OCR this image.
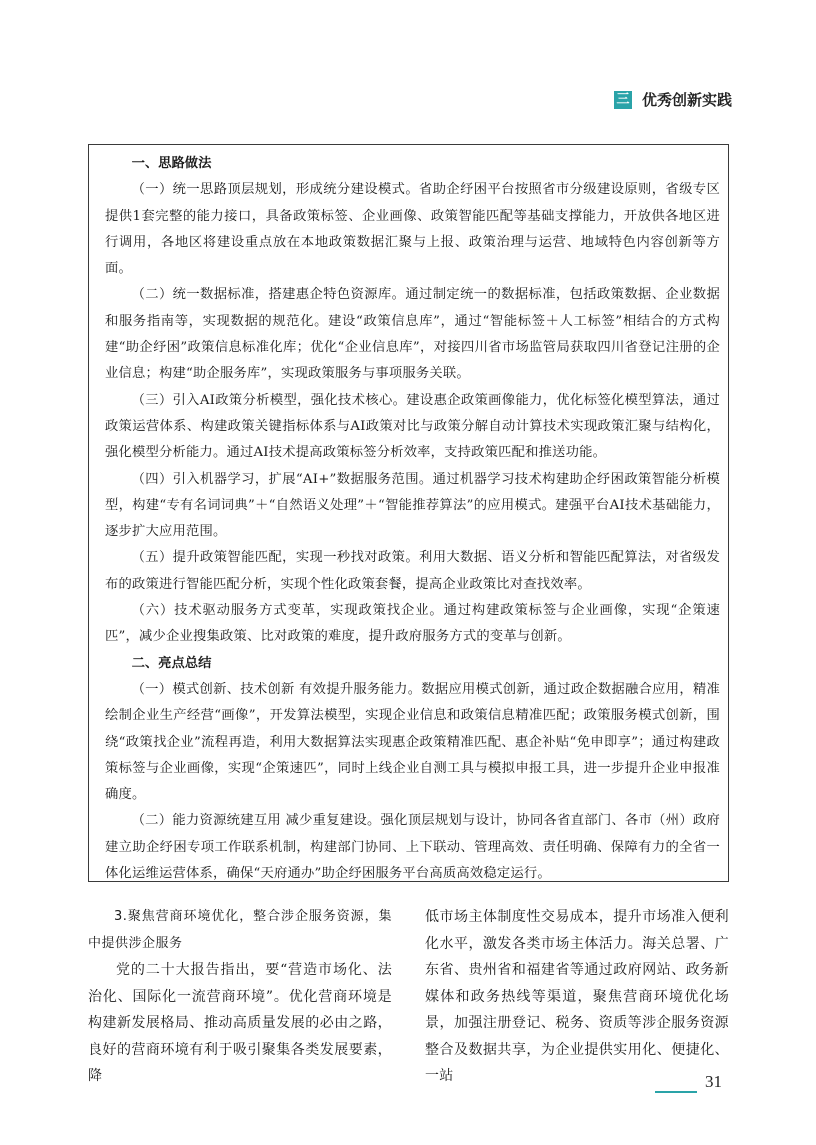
三 优秀创新实践
一、思路做法

（一）统一思路顶层规划，形成统分建设模式。省助企纾困平台按照省市分级建设原则，省级专区提供1套完整的能力接口，具备政策标签、企业画像、政策智能匹配等基础支撑能力，开放供各地区进行调用，各地区将建设重点放在本地政策数据汇聚与上报、政策治理与运营、地域特色内容创新等方面。

（二）统一数据标准，搭建惠企特色资源库。通过制定统一的数据标准，包括政策数据、企业数据和服务指南等，实现数据的规范化。建设“政策信息库”，通过“智能标签＋人工标签”相结合的方式构建“助企纾困”政策信息标准化库；优化“企业信息库”，对接四川省市场监管局获取四川省登记注册的企业信息；构建“助企服务库”，实现政策服务与事项服务关联。

（三）引入AI政策分析模型，强化技术核心。建设惠企政策画像能力，优化标签化模型算法，通过政策运营体系、构建政策关键指标体系与AI政策对比与政策分解自动计算技术实现政策汇聚与结构化，强化模型分析能力。通过AI技术提高政策标签分析效率，支持政策匹配和推送功能。

（四）引入机器学习，扩展“AI+”数据服务范围。通过机器学习技术构建助企纾困政策智能分析模型，构建“专有名词词典”＋“自然语义处理”＋“智能推荐算法”的应用模式。建强平台AI技术基础能力，逐步扩大应用范围。

（五）提升政策智能匹配，实现一秒找对政策。利用大数据、语义分析和智能匹配算法，对省级发布的政策进行智能匹配分析，实现个性化政策套餐，提高企业政策比对查找效率。

（六）技术驱动服务方式变革，实现政策找企业。通过构建政策标签与企业画像，实现“企策速匹”，减少企业搜集政策、比对政策的难度，提升政府服务方式的变革与创新。

二、亮点总结

（一）模式创新、技术创新 有效提升服务能力。数据应用模式创新，通过政企数据融合应用，精准绘制企业生产经营“画像”，开发算法模型，实现企业信息和政策信息精准匹配；政策服务模式创新，围绕“政策找企业”流程再造，利用大数据算法实现惠企政策精准匹配、惠企补贴“免申即享”；通过构建政策标签与企业画像，实现“企策速匹”，同时上线企业自测工具与模拟申报工具，进一步提升企业申报准确度。

（二）能力资源统建互用 减少重复建设。强化顶层规划与设计，协同各省直部门、各市（州）政府建立助企纾困专项工作联系机制，构建部门协同、上下联动、管理高效、责任明确、保障有力的全省一体化运维运营体系，确保“天府通办”助企纾困服务平台高质高效稳定运行。

3.聚焦营商环境优化，整合涉企服务资源，集中提供涉企服务

党的二十大报告指出，要“营造市场化、法治化、国际化一流营商环境”。优化营商环境是构建新发展格局、推动高质量发展的必由之路，良好的营商环境有利于吸引聚集各类发展要素，降

低市场主体制度性交易成本，提升市场准入便利化水平，激发各类市场主体活力。海关总署、广东省、贵州省和福建省等通过政府网站、政务新媒体和政务热线等渠道，聚焦营商环境优化场景，加强注册登记、税务、资质等涉企服务资源整合及数据共享，为企业提供实用化、便捷化、一站	31
